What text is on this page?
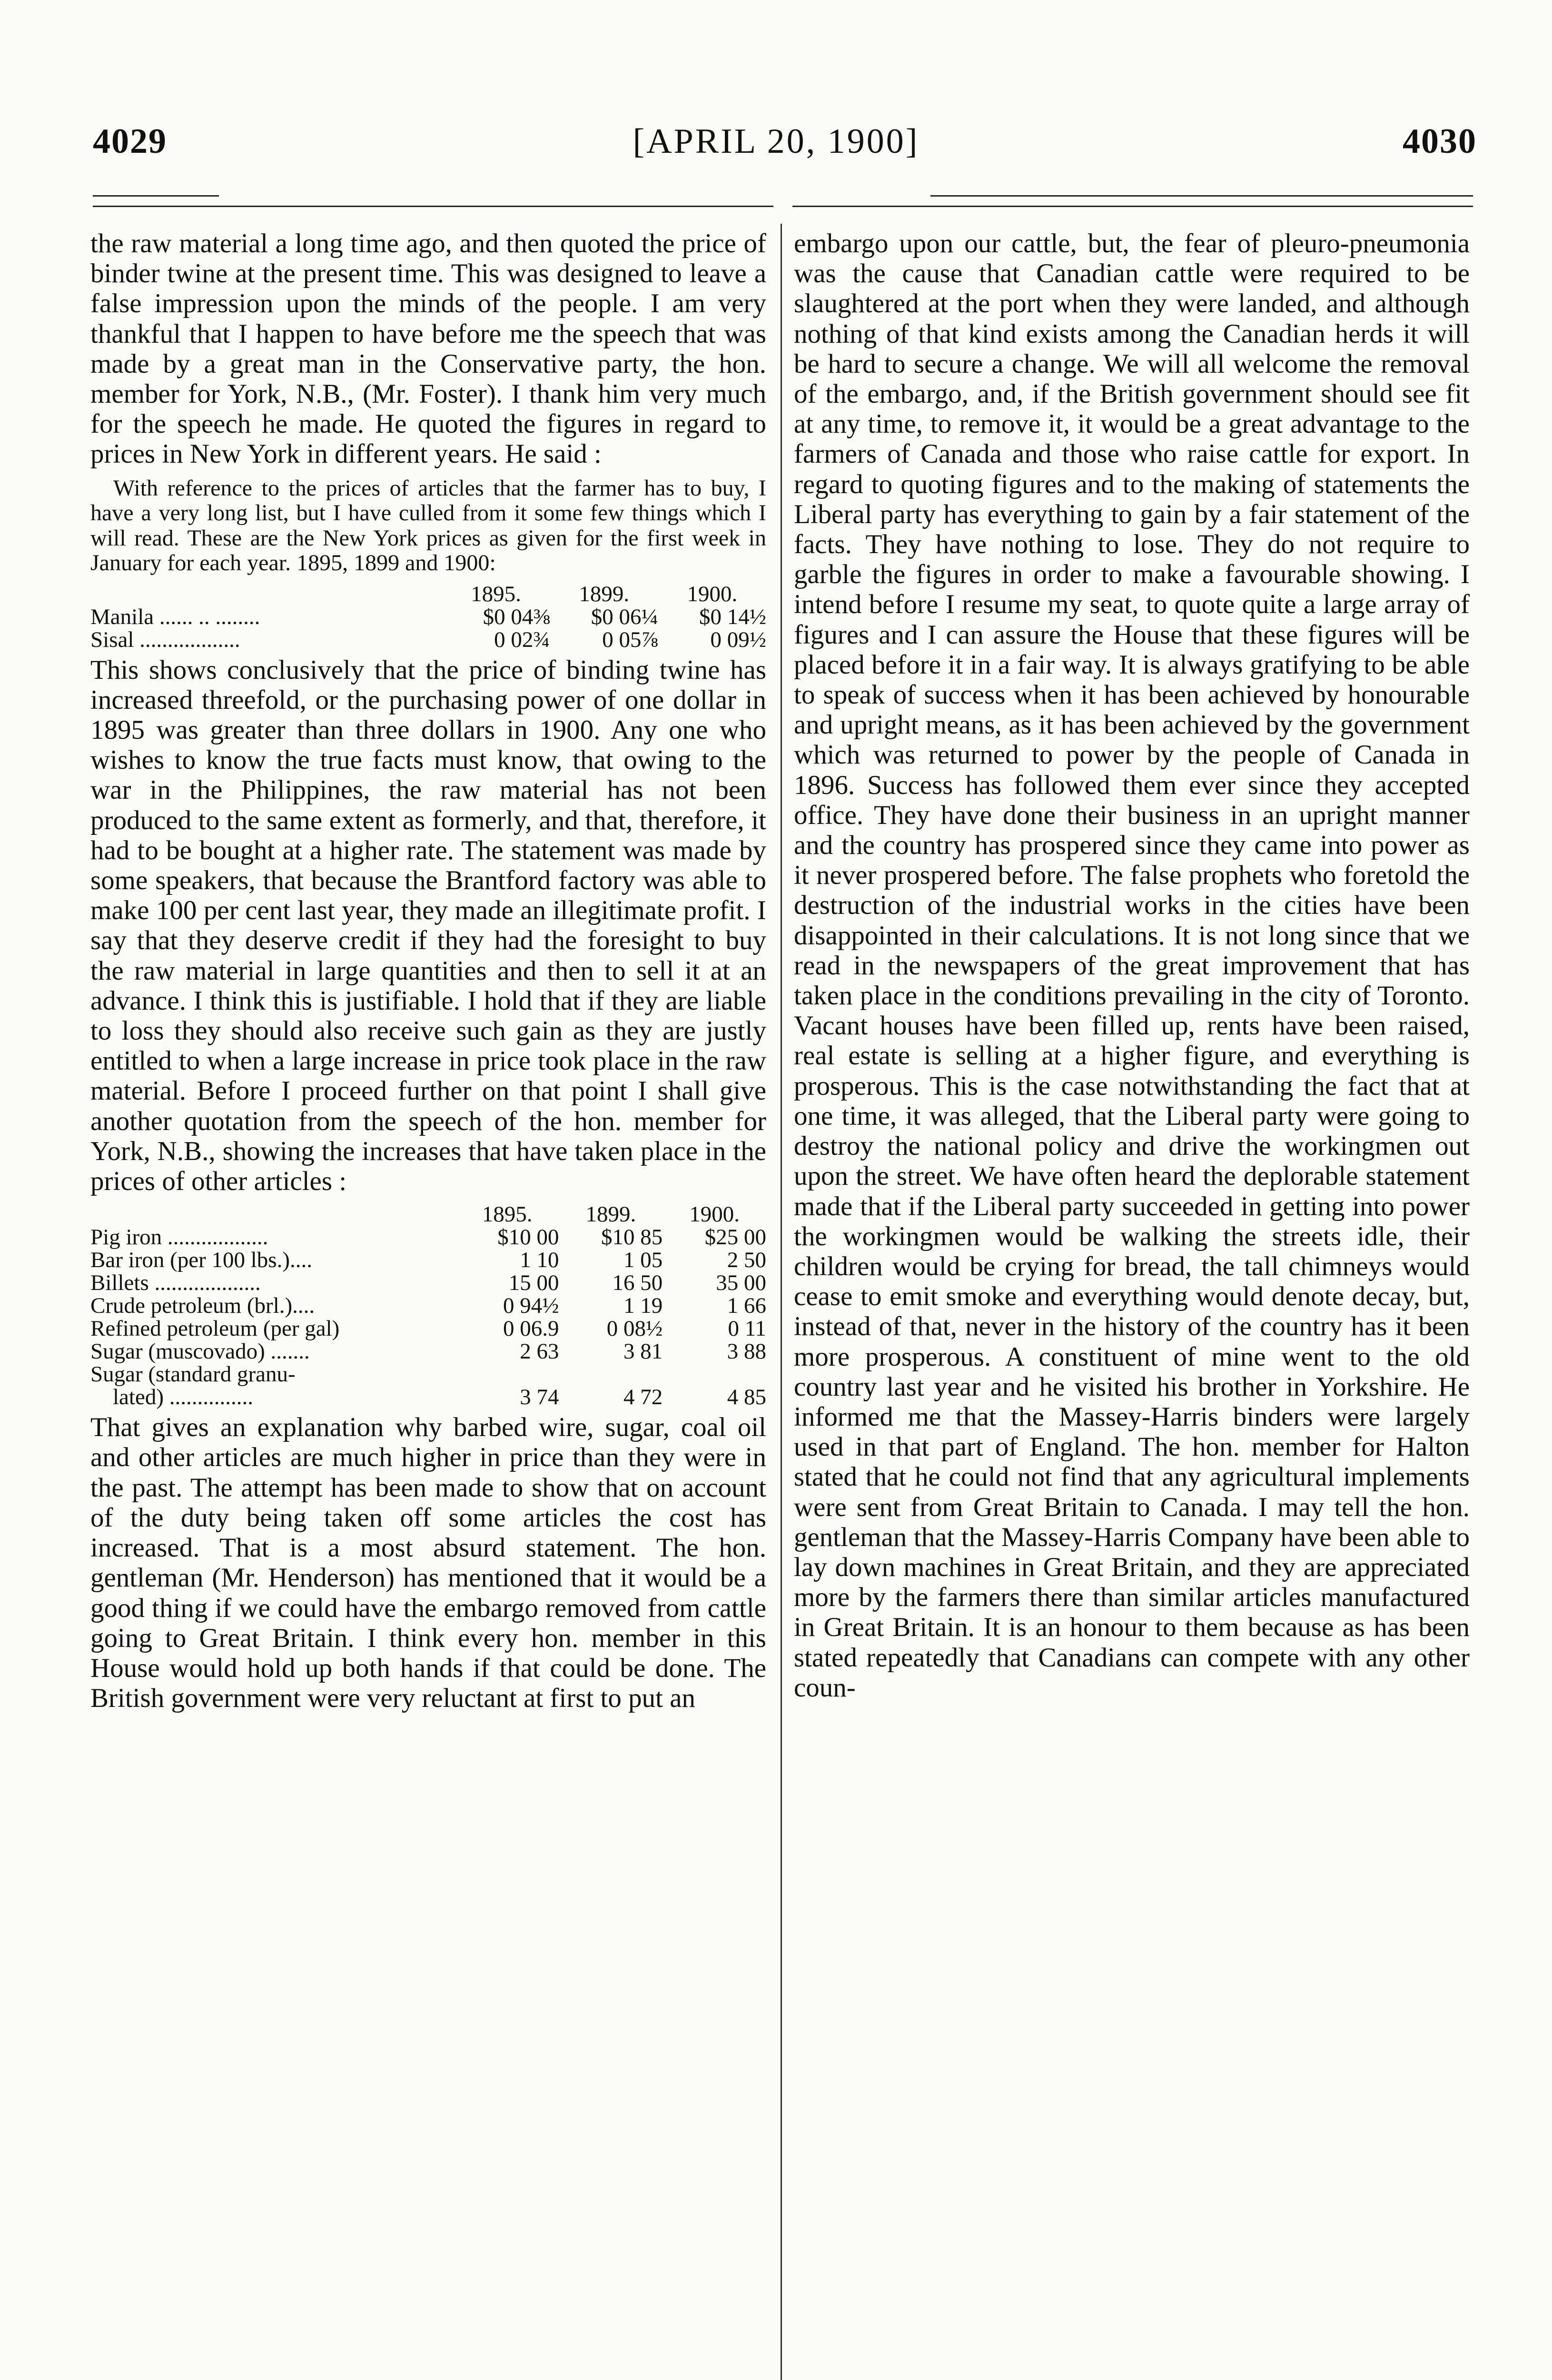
4029	[APRIL 20, 1900]	4030

the raw material a long time ago, and then quoted the price of binder twine at the present time. This was designed to leave a false impression upon the minds of the people. I am very thankful that I happen to have before me the speech that was made by a great man in the Conservative party, the hon. member for York, N.B., (Mr. Foster). I thank him very much for the speech he made. He quoted the figures in regard to prices in New York in different years. He said :

With reference to the prices of articles that the farmer has to buy, I have a very long list, but I have culled from it some few things which I will read. These are the New York prices as given for the first week in January for each year. 1895, 1899 and 1900:

	1895.	1899.	1900.
Manila ...... .. ........	$0 04⅜	$0 06¼	$0 14½
Sisal ..................	0 02¾	0 05⅞	0 09½

This shows conclusively that the price of binding twine has increased threefold, or the purchasing power of one dollar in 1895 was greater than three dollars in 1900. Any one who wishes to know the true facts must know, that owing to the war in the Philippines, the raw material has not been produced to the same extent as formerly, and that, therefore, it had to be bought at a higher rate. The statement was made by some speakers, that because the Brantford factory was able to make 100 per cent last year, they made an illegitimate profit. I say that they deserve credit if they had the foresight to buy the raw material in large quantities and then to sell it at an advance. I think this is justifiable. I hold that if they are liable to loss they should also receive such gain as they are justly entitled to when a large increase in price took place in the raw material. Before I proceed further on that point I shall give another quotation from the speech of the hon. member for York, N.B., showing the increases that have taken place in the prices of other articles :

	1895.	1899.	1900.
Pig iron ..................	$10 00	$10 85	$25 00
Bar iron (per 100 lbs.)....	1 10	1 05	2 50
Billets ...................	15 00	16 50	35 00
Crude petroleum (brl.)....	0 94½	1 19	1 66
Refined petroleum (per gal)	0 06.9	0 08½	0 11
Sugar (muscovado) .......	2 63	3 81	3 88
Sugar (standard granu-			
lated) ...............	3 74	4 72	4 85

That gives an explanation why barbed wire, sugar, coal oil and other articles are much higher in price than they were in the past. The attempt has been made to show that on account of the duty being taken off some articles the cost has increased. That is a most absurd statement. The hon. gentleman (Mr. Henderson) has mentioned that it would be a good thing if we could have the embargo removed from cattle going to Great Britain. I think every hon. member in this House would hold up both hands if that could be done. The British government were very reluctant at first to put an

embargo upon our cattle, but, the fear of pleuro-pneumonia was the cause that Canadian cattle were required to be slaughtered at the port when they were landed, and although nothing of that kind exists among the Canadian herds it will be hard to secure a change. We will all welcome the removal of the embargo, and, if the British government should see fit at any time, to remove it, it would be a great advantage to the farmers of Canada and those who raise cattle for export. In regard to quoting figures and to the making of statements the Liberal party has everything to gain by a fair statement of the facts. They have nothing to lose. They do not require to garble the figures in order to make a favourable showing. I intend before I resume my seat, to quote quite a large array of figures and I can assure the House that these figures will be placed before it in a fair way. It is always gratifying to be able to speak of success when it has been achieved by honourable and upright means, as it has been achieved by the government which was returned to power by the people of Canada in 1896. Success has followed them ever since they accepted office. They have done their business in an upright manner and the country has prospered since they came into power as it never prospered before. The false prophets who foretold the destruction of the industrial works in the cities have been disappointed in their calculations. It is not long since that we read in the newspapers of the great improvement that has taken place in the conditions prevailing in the city of Toronto. Vacant houses have been filled up, rents have been raised, real estate is selling at a higher figure, and everything is prosperous. This is the case notwithstanding the fact that at one time, it was alleged, that the Liberal party were going to destroy the national policy and drive the workingmen out upon the street. We have often heard the deplorable statement made that if the Liberal party succeeded in getting into power the workingmen would be walking the streets idle, their children would be crying for bread, the tall chimneys would cease to emit smoke and everything would denote decay, but, instead of that, never in the history of the country has it been more prosperous. A constituent of mine went to the old country last year and he visited his brother in Yorkshire. He informed me that the Massey-Harris binders were largely used in that part of England. The hon. member for Halton stated that he could not find that any agricultural implements were sent from Great Britain to Canada. I may tell the hon. gentleman that the Massey-Harris Company have been able to lay down machines in Great Britain, and they are appreciated more by the farmers there than similar articles manufactured in Great Britain. It is an honour to them because as has been stated repeatedly that Canadians can compete with any other coun-
